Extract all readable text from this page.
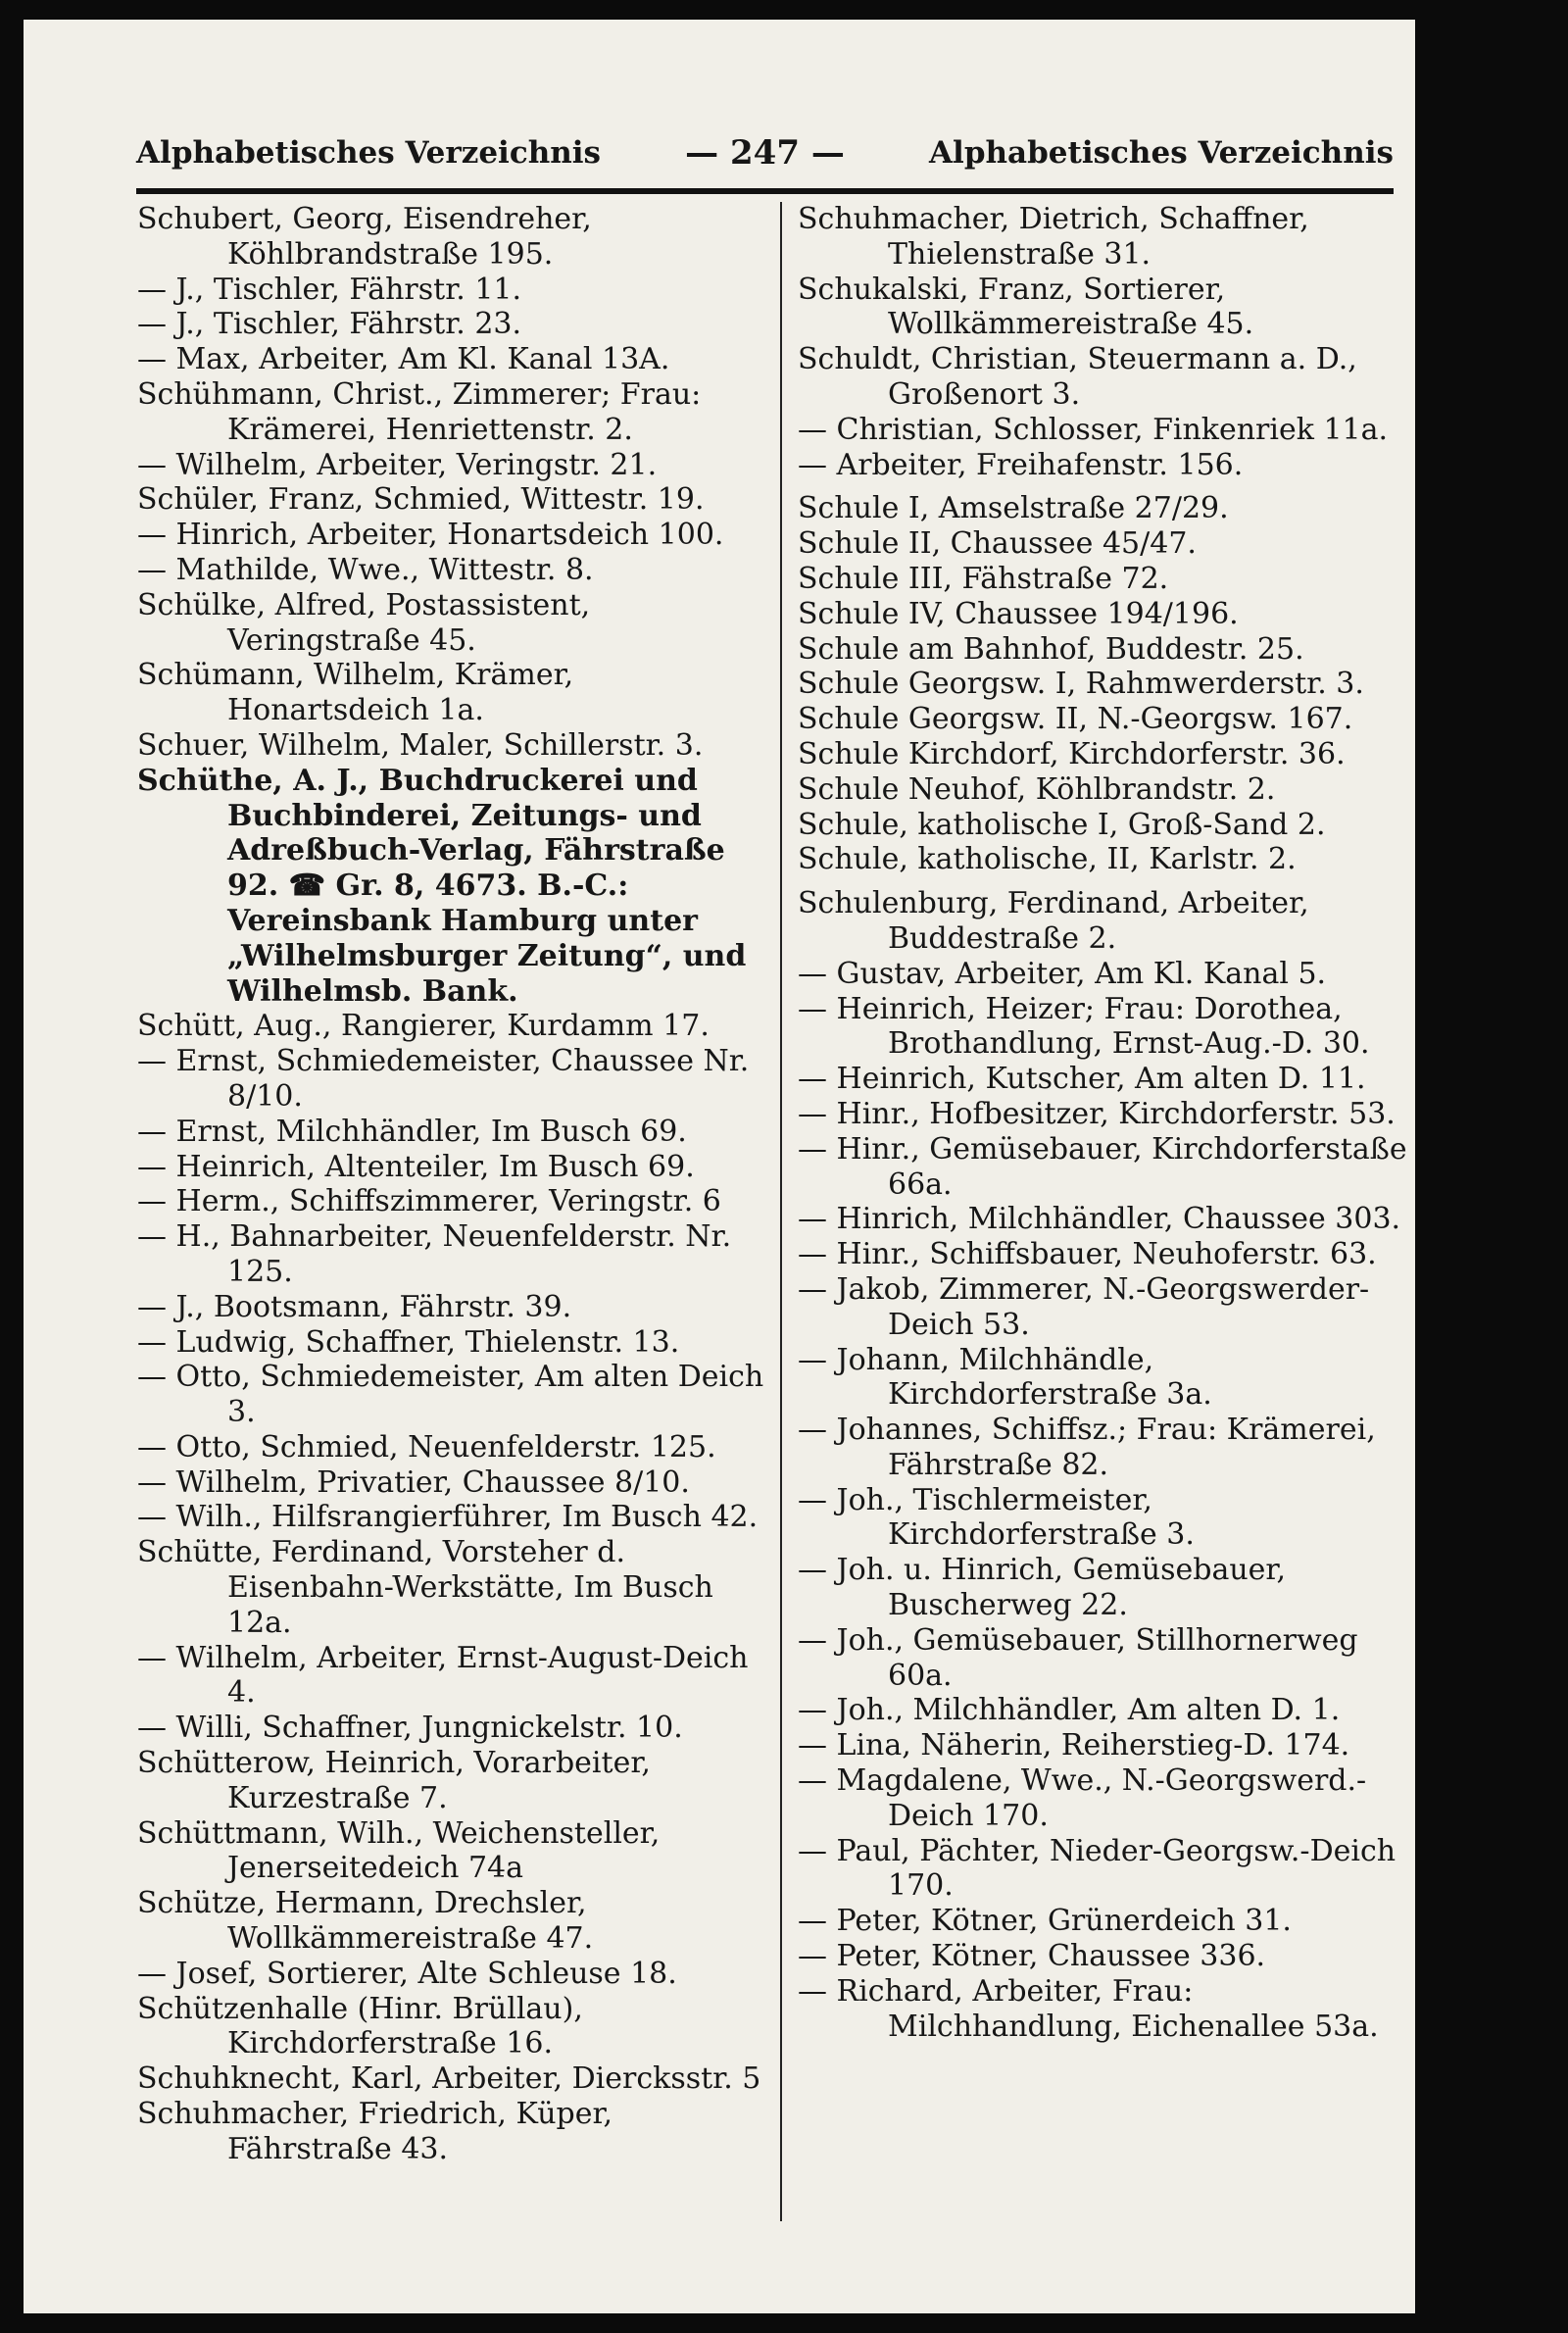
Alphabetisches Verzeichnis	— 247 —	Alphabetisches Verzeichnis
Schubert, Georg, Eisendreher, Köhlbrandstraße 195.
— J., Tischler, Fährstr. 11.
— J., Tischler, Fährstr. 23.
— Max, Arbeiter, Am Kl. Kanal 13A.
Schühmann, Christ., Zimmerer; Frau: Krämerei, Henriettenstr. 2.
— Wilhelm, Arbeiter, Veringstr. 21.
Schüler, Franz, Schmied, Wittestr. 19.
— Hinrich, Arbeiter, Honartsdeich 100.
— Mathilde, Wwe., Wittestr. 8.
Schülke, Alfred, Postassistent, Veringstraße 45.
Schümann, Wilhelm, Krämer, Honartsdeich 1a.
Schuer, Wilhelm, Maler, Schillerstr. 3.
Schüthe, A. J., Buchdruckerei und Buchbinderei, Zeitungs- und Adreßbuch-Verlag, Fährstraße 92. ☎ Gr. 8, 4673. B.-C.: Vereinsbank Hamburg unter „Wilhelmsburger Zeitung“, und Wilhelmsb. Bank.
Schütt, Aug., Rangierer, Kurdamm 17.
— Ernst, Schmiedemeister, Chaussee Nr. 8/10.
— Ernst, Milchhändler, Im Busch 69.
— Heinrich, Altenteiler, Im Busch 69.
— Herm., Schiffszimmerer, Veringstr. 6
— H., Bahnarbeiter, Neuenfelderstr. Nr. 125.
— J., Bootsmann, Fährstr. 39.
— Ludwig, Schaffner, Thielenstr. 13.
— Otto, Schmiedemeister, Am alten Deich 3.
— Otto, Schmied, Neuenfelderstr. 125.
— Wilhelm, Privatier, Chaussee 8/10.
— Wilh., Hilfsrangierführer, Im Busch 42.
Schütte, Ferdinand, Vorsteher d. Eisenbahn-Werkstätte, Im Busch 12a.
— Wilhelm, Arbeiter, Ernst-August-Deich 4.
— Willi, Schaffner, Jungnickelstr. 10.
Schütterow, Heinrich, Vorarbeiter, Kurzestraße 7.
Schüttmann, Wilh., Weichensteller, Jenerseitedeich 74a
Schütze, Hermann, Drechsler, Wollkämmereistraße 47.
— Josef, Sortierer, Alte Schleuse 18.
Schützenhalle (Hinr. Brüllau), Kirchdorferstraße 16.
Schuhknecht, Karl, Arbeiter, Diercksstr. 5
Schuhmacher, Friedrich, Küper, Fährstraße 43.
Schuhmacher, Dietrich, Schaffner, Thielenstraße 31.
Schukalski, Franz, Sortierer, Wollkämmereistraße 45.
Schuldt, Christian, Steuermann a. D., Großenort 3.
— Christian, Schlosser, Finkenriek 11a.
— Arbeiter, Freihafenstr. 156.
Schule I, Amselstraße 27/29.
Schule II, Chaussee 45/47.
Schule III, Fähstraße 72.
Schule IV, Chaussee 194/196.
Schule am Bahnhof, Buddestr. 25.
Schule Georgsw. I, Rahmwerderstr. 3.
Schule Georgsw. II, N.-Georgsw. 167.
Schule Kirchdorf, Kirchdorferstr. 36.
Schule Neuhof, Köhlbrandstr. 2.
Schule, katholische I, Groß-Sand 2.
Schule, katholische, II, Karlstr. 2.
Schulenburg, Ferdinand, Arbeiter, Buddestraße 2.
— Gustav, Arbeiter, Am Kl. Kanal 5.
— Heinrich, Heizer; Frau: Dorothea, Brothandlung, Ernst-Aug.-D. 30.
— Heinrich, Kutscher, Am alten D. 11.
— Hinr., Hofbesitzer, Kirchdorferstr. 53.
— Hinr., Gemüsebauer, Kirchdorferstaße 66a.
— Hinrich, Milchhändler, Chaussee 303.
— Hinr., Schiffsbauer, Neuhoferstr. 63.
— Jakob, Zimmerer, N.-Georgswerder-Deich 53.
— Johann, Milchhändle, Kirchdorferstraße 3a.
— Johannes, Schiffsz.; Frau: Krämerei, Fährstraße 82.
— Joh., Tischlermeister, Kirchdorferstraße 3.
— Joh. u. Hinrich, Gemüsebauer, Buscherweg 22.
— Joh., Gemüsebauer, Stillhornerweg 60a.
— Joh., Milchhändler, Am alten D. 1.
— Lina, Näherin, Reiherstieg-D. 174.
— Magdalene, Wwe., N.-Georgswerd.-Deich 170.
— Paul, Pächter, Nieder-Georgsw.-Deich 170.
— Peter, Kötner, Grünerdeich 31.
— Peter, Kötner, Chaussee 336.
— Richard, Arbeiter, Frau: Milchhandlung, Eichenallee 53a.
